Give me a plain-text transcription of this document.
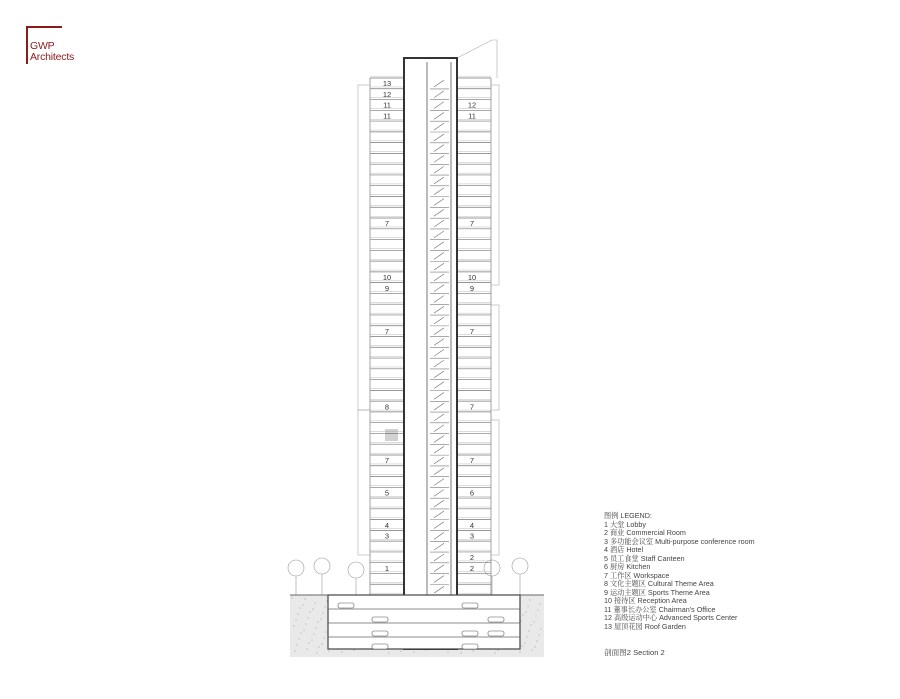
GWP
Architects
13
12
11
11
12
11
7	7
10	10
9	9
7	7
8	7
7	7
5	6
4	4
3	3
2
1	2
图例 LEGEND:
1 大堂 Lobby
2 商业 Commercial Room
3 多功能会议室 Multi-purpose conference room
4 酒店 Hotel
5 员工食堂 Staff Canteen
6 厨房 Kitchen
7 工作区 Workspace
8 文化主题区 Cultural Theme Area
9 运动主题区 Sports Theme Area
10 接待区 Reception Area
11 董事长办公室 Chairman's Office
12 高级运动中心 Advanced Sports Center
13 屋顶花园 Roof Garden
剖面图2 Section 2
